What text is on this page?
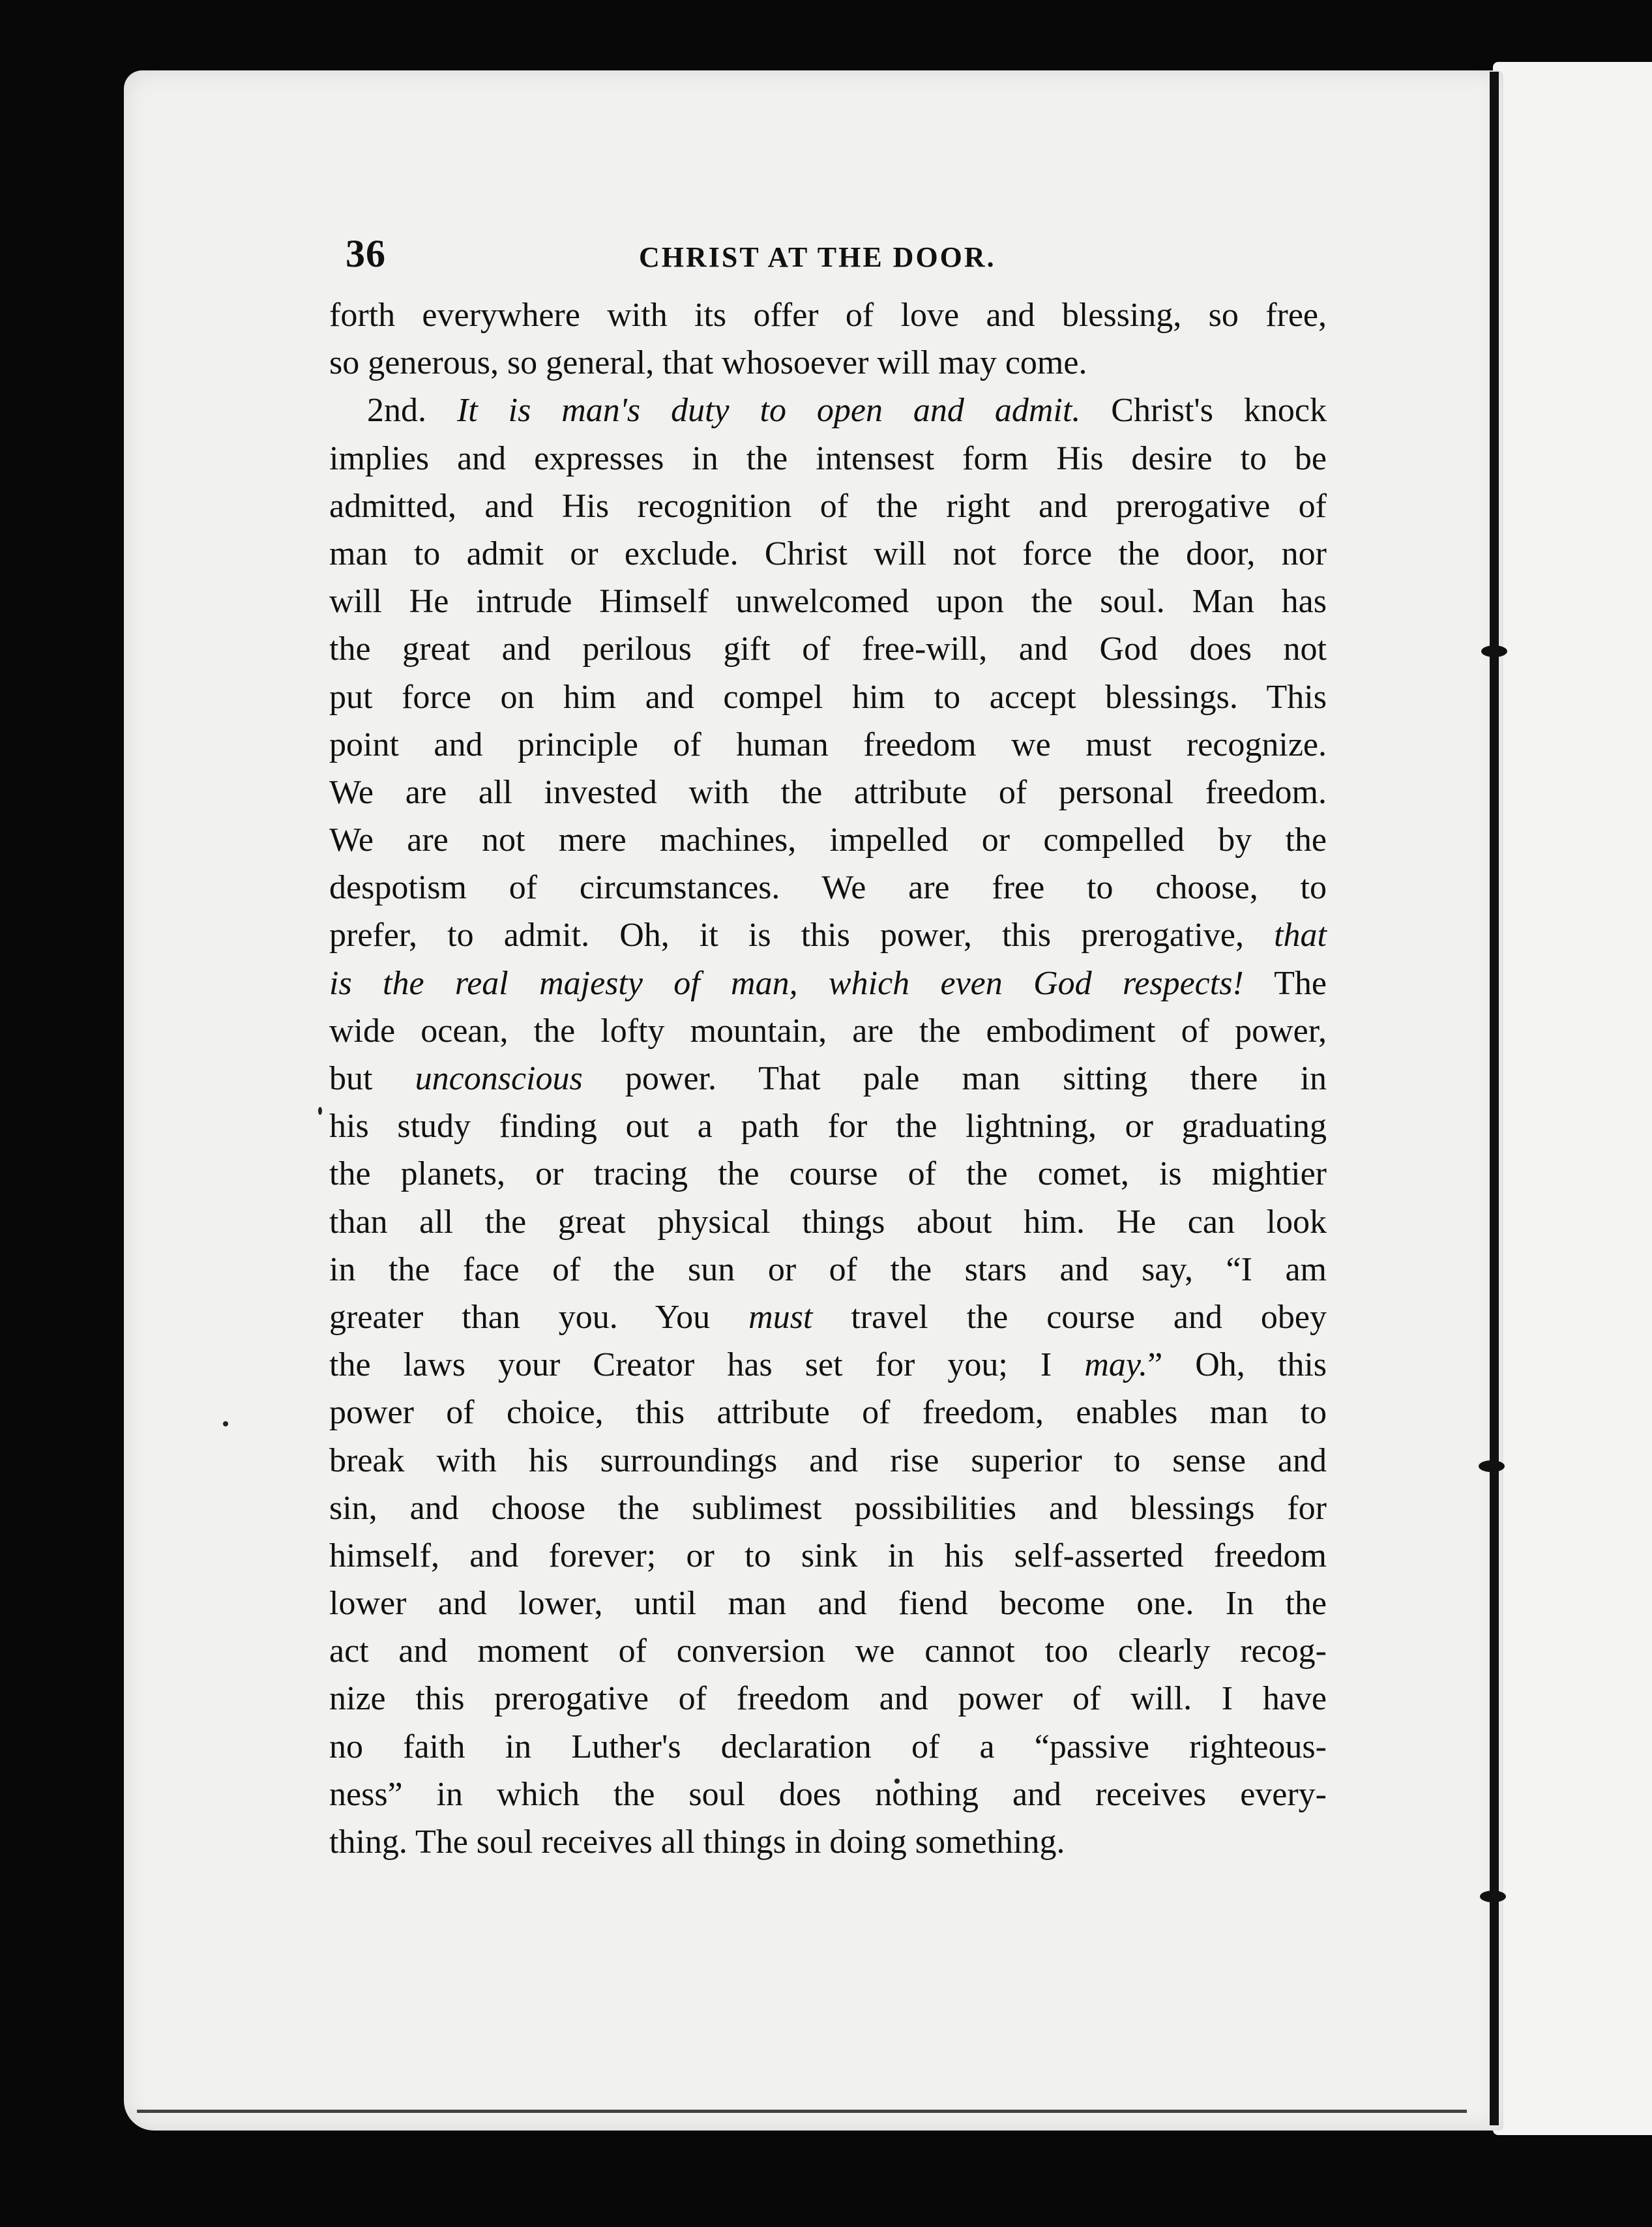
36	CHRIST AT THE DOOR.
forth everywhere with its offer of love and blessing, so free,
so generous, so general, that whosoever will may come.
2nd. It is man's duty to open and admit. Christ's knock
implies and expresses in the intensest form His desire to be
admitted, and His recognition of the right and prerogative of
man to admit or exclude. Christ will not force the door, nor
will He intrude Himself unwelcomed upon the soul. Man has
the great and perilous gift of free-will, and God does not
put force on him and compel him to accept blessings. This
point and principle of human freedom we must recognize.
We are all invested with the attribute of personal freedom.
We are not mere machines, impelled or compelled by the
despotism of circumstances. We are free to choose, to
prefer, to admit. Oh, it is this power, this prerogative, that
is the real majesty of man, which even God respects! The
wide ocean, the lofty mountain, are the embodiment of power,
but unconscious power. That pale man sitting there in
his study finding out a path for the lightning, or graduating
the planets, or tracing the course of the comet, is mightier
than all the great physical things about him. He can look
in the face of the sun or of the stars and say, “I am
greater than you. You must travel the course and obey
the laws your Creator has set for you; I may.” Oh, this
power of choice, this attribute of freedom, enables man to
break with his surroundings and rise superior to sense and
sin, and choose the sublimest possibilities and blessings for
himself, and forever; or to sink in his self-asserted freedom
lower and lower, until man and fiend become one. In the
act and moment of conversion we cannot too clearly recog-
nize this prerogative of freedom and power of will. I have
no faith in Luther's declaration of a “passive righteous-
ness” in which the soul does nothing and receives every-
thing. The soul receives all things in doing something.
